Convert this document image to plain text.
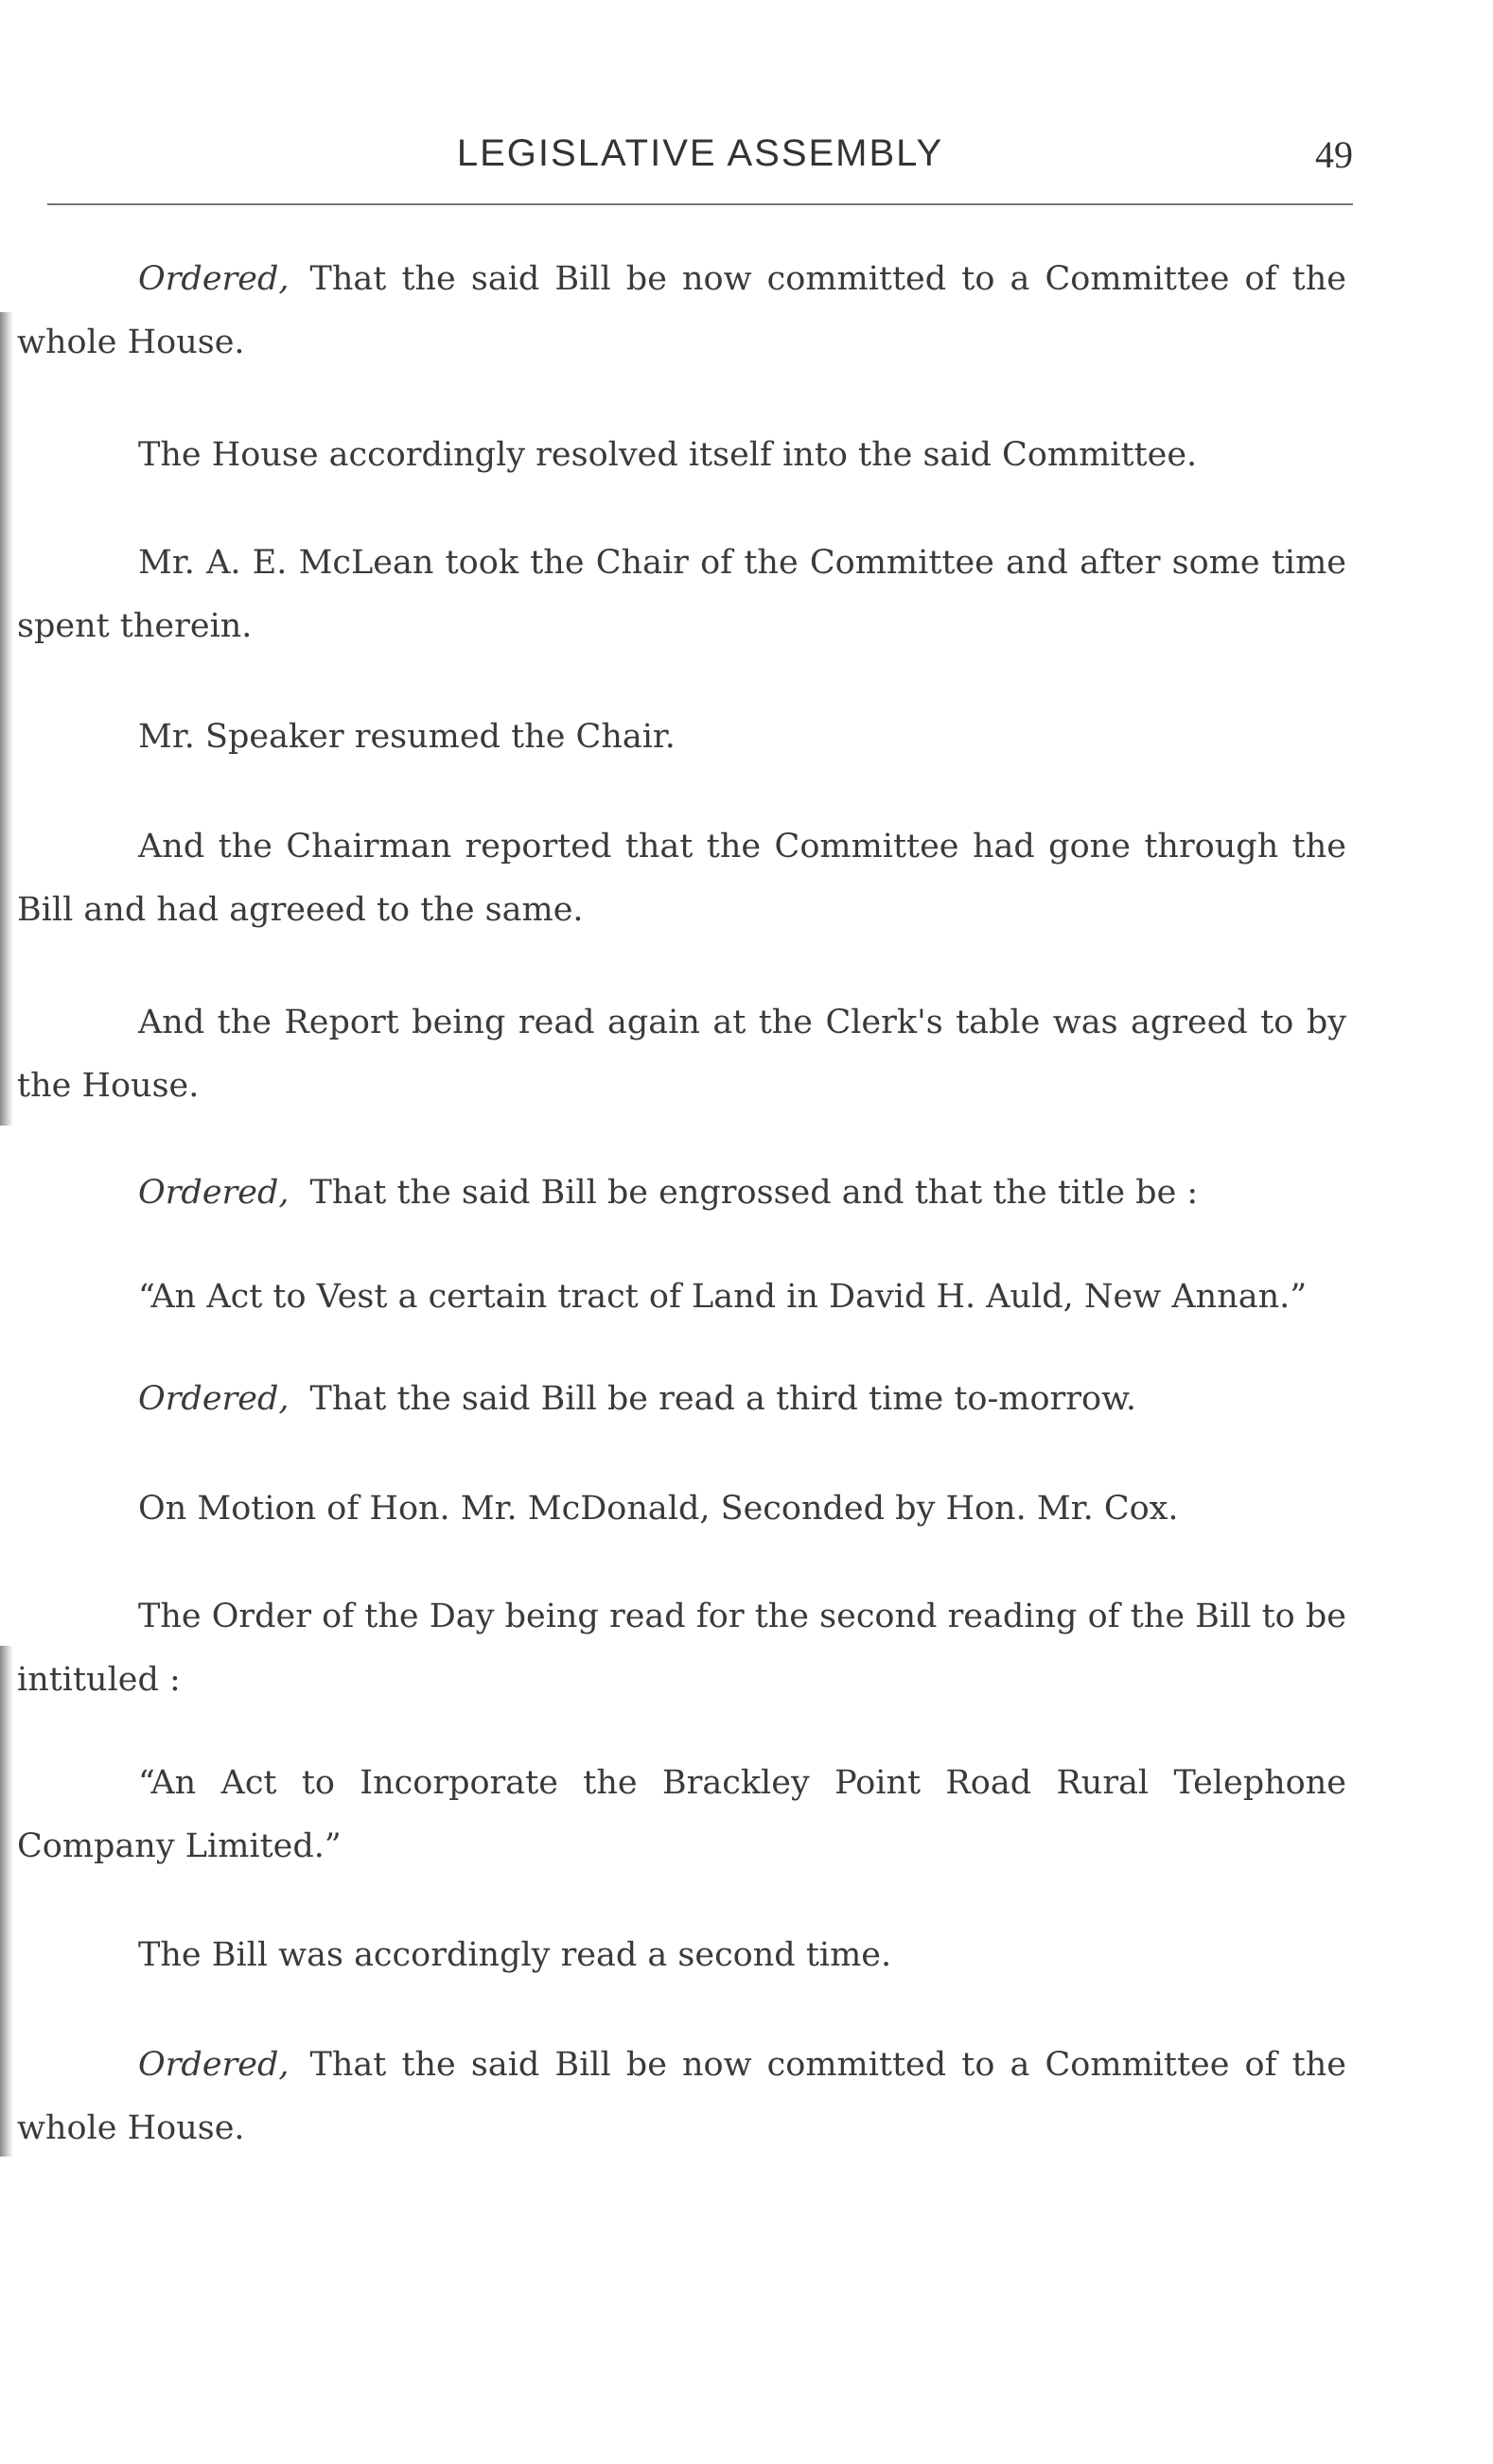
LEGISLATIVE ASSEMBLY	49

Ordered, That the said Bill be now committed to a Committee of the whole House.

The House accordingly resolved itself into the said Committee.

Mr. A. E. McLean took the Chair of the Committee and after some time spent therein.

Mr. Speaker resumed the Chair.

And the Chairman reported that the Committee had gone through the Bill and had agreeed to the same.

And the Report being read again at the Clerk's table was agreed to by the House.

Ordered, That the said Bill be engrossed and that the title be :

“An Act to Vest a certain tract of Land in David H. Auld, New Annan.”

Ordered, That the said Bill be read a third time to-morrow.

On Motion of Hon. Mr. McDonald, Seconded by Hon. Mr. Cox.

The Order of the Day being read for the second reading of the Bill to be intituled :

“An Act to Incorporate the Brackley Point Road Rural Telephone Company Limited.”

The Bill was accordingly read a second time.

Ordered, That the said Bill be now committed to a Committee of the whole House.
